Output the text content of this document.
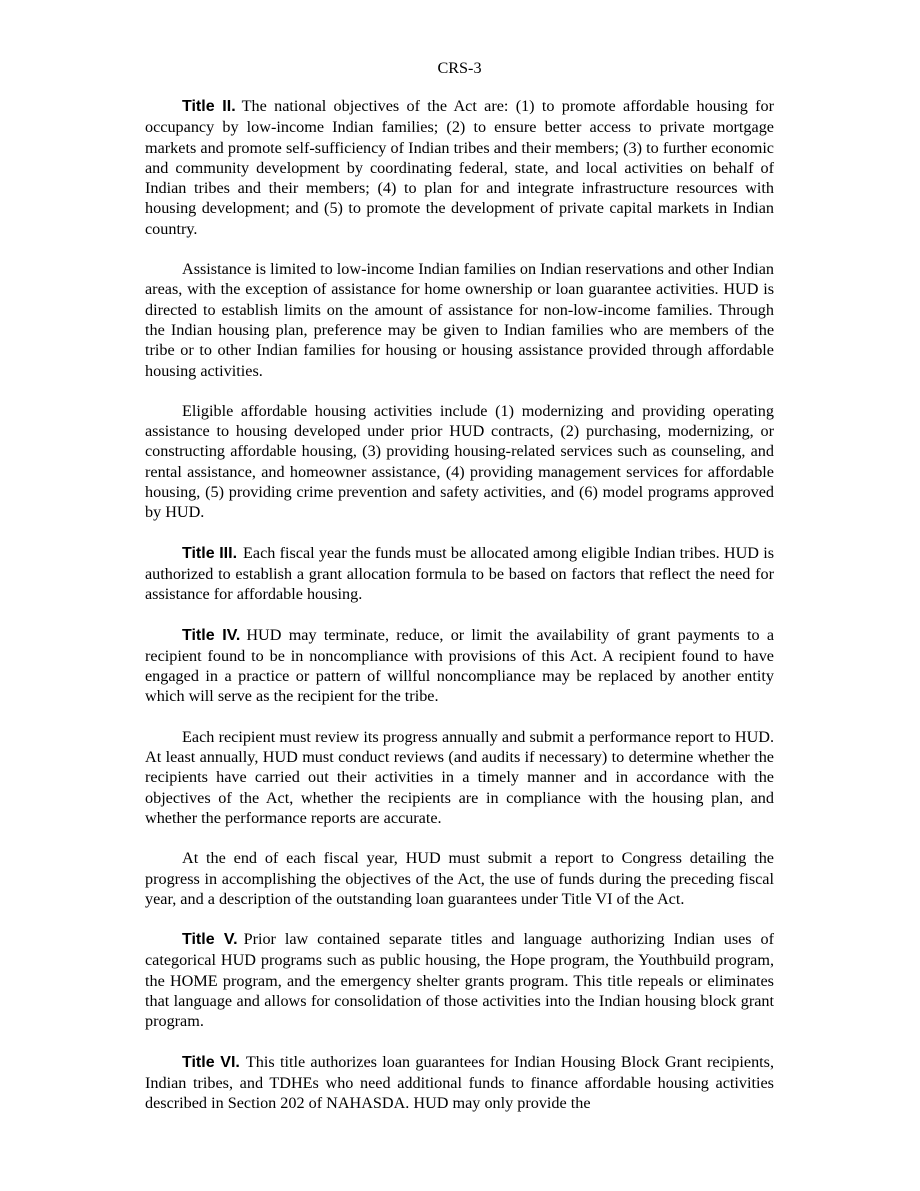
CRS-3

Title II. The national objectives of the Act are: (1) to promote affordable housing for occupancy by low-income Indian families; (2) to ensure better access to private mortgage markets and promote self-sufficiency of Indian tribes and their members; (3) to further economic and community development by coordinating federal, state, and local activities on behalf of Indian tribes and their members; (4) to plan for and integrate infrastructure resources with housing development; and (5) to promote the development of private capital markets in Indian country.

Assistance is limited to low-income Indian families on Indian reservations and other Indian areas, with the exception of assistance for home ownership or loan guarantee activities. HUD is directed to establish limits on the amount of assistance for non-low-income families. Through the Indian housing plan, preference may be given to Indian families who are members of the tribe or to other Indian families for housing or housing assistance provided through affordable housing activities.

Eligible affordable housing activities include (1) modernizing and providing operating assistance to housing developed under prior HUD contracts, (2) purchasing, modernizing, or constructing affordable housing, (3) providing housing-related services such as counseling, and rental assistance, and homeowner assistance, (4) providing management services for affordable housing, (5) providing crime prevention and safety activities, and (6) model programs approved by HUD.

Title III. Each fiscal year the funds must be allocated among eligible Indian tribes. HUD is authorized to establish a grant allocation formula to be based on factors that reflect the need for assistance for affordable housing.

Title IV. HUD may terminate, reduce, or limit the availability of grant payments to a recipient found to be in noncompliance with provisions of this Act. A recipient found to have engaged in a practice or pattern of willful noncompliance may be replaced by another entity which will serve as the recipient for the tribe.

Each recipient must review its progress annually and submit a performance report to HUD. At least annually, HUD must conduct reviews (and audits if necessary) to determine whether the recipients have carried out their activities in a timely manner and in accordance with the objectives of the Act, whether the recipients are in compliance with the housing plan, and whether the performance reports are accurate.

At the end of each fiscal year, HUD must submit a report to Congress detailing the progress in accomplishing the objectives of the Act, the use of funds during the preceding fiscal year, and a description of the outstanding loan guarantees under Title VI of the Act.

Title V. Prior law contained separate titles and language authorizing Indian uses of categorical HUD programs such as public housing, the Hope program, the Youthbuild program, the HOME program, and the emergency shelter grants program. This title repeals or eliminates that language and allows for consolidation of those activities into the Indian housing block grant program.

Title VI. This title authorizes loan guarantees for Indian Housing Block Grant recipients, Indian tribes, and TDHEs who need additional funds to finance affordable housing activities described in Section 202 of NAHASDA. HUD may only provide the
